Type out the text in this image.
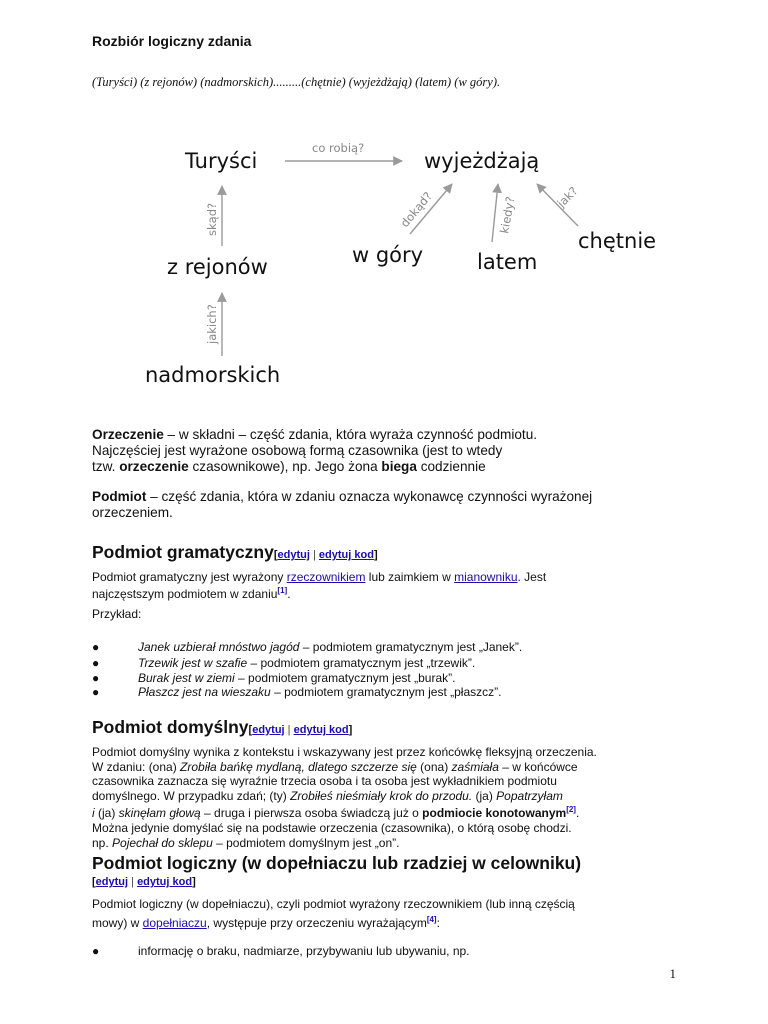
Rozbiór logiczny zdania
(Turyści) (z rejonów) (nadmorskich).........(chętnie) (wyjeżdżają) (latem) (w góry).
Turyści
co robią?
wyjeżdżają
skąd?
z rejonów
dokąd?
w góry
kiedy?
latem
jak?
chętnie
jakich?
nadmorskich
Orzeczenie – w składni – część zdania, która wyraża czynność podmiotu.
Najczęściej jest wyrażone osobową formą czasownika (jest to wtedy
tzw. orzeczenie czasownikowe), np. Jego żona biega codziennie
Podmiot – część zdania, która w zdaniu oznacza wykonawcę czynności wyrażonej
orzeczeniem.
Podmiot gramatyczny[edytuj | edytuj kod]
Podmiot gramatyczny jest wyrażony rzeczownikiem lub zaimkiem w mianowniku. Jest
najczęstszym podmiotem w zdaniu[1].
Przykład:
●	Janek uzbierał mnóstwo jagód – podmiotem gramatycznym jest „Janek”.
●	Trzewik jest w szafie – podmiotem gramatycznym jest „trzewik”.
●	Burak jest w ziemi – podmiotem gramatycznym jest „burak”.
●	Płaszcz jest na wieszaku – podmiotem gramatycznym jest „płaszcz”.
Podmiot domyślny[edytuj | edytuj kod]
Podmiot domyślny wynika z kontekstu i wskazywany jest przez końcówkę fleksyjną orzeczenia.
W zdaniu: (ona) Zrobiła bańkę mydlaną, dlatego szczerze się (ona) zaśmiała – w końcówce
czasownika zaznacza się wyraźnie trzecia osoba i ta osoba jest wykładnikiem podmiotu
domyślnego. W przypadku zdań; (ty) Zrobiłeś nieśmiały krok do przodu. (ja) Popatrzyłam
i (ja) skinęłam głową – druga i pierwsza osoba świadczą już o podmiocie konotowanym[2].
Można jedynie domyślać się na podstawie orzeczenia (czasownika), o którą osobę chodzi.
np. Pojechał do sklepu – podmiotem domyślnym jest „on”.
Podmiot logiczny (w dopełniaczu lub rzadziej w celowniku)
[edytuj | edytuj kod]
Podmiot logiczny (w dopełniaczu), czyli podmiot wyrażony rzeczownikiem (lub inną częścią
mowy) w dopełniaczu, występuje przy orzeczeniu wyrażającym[4]:
●	informację o braku, nadmiarze, przybywaniu lub ubywaniu, np.
1
